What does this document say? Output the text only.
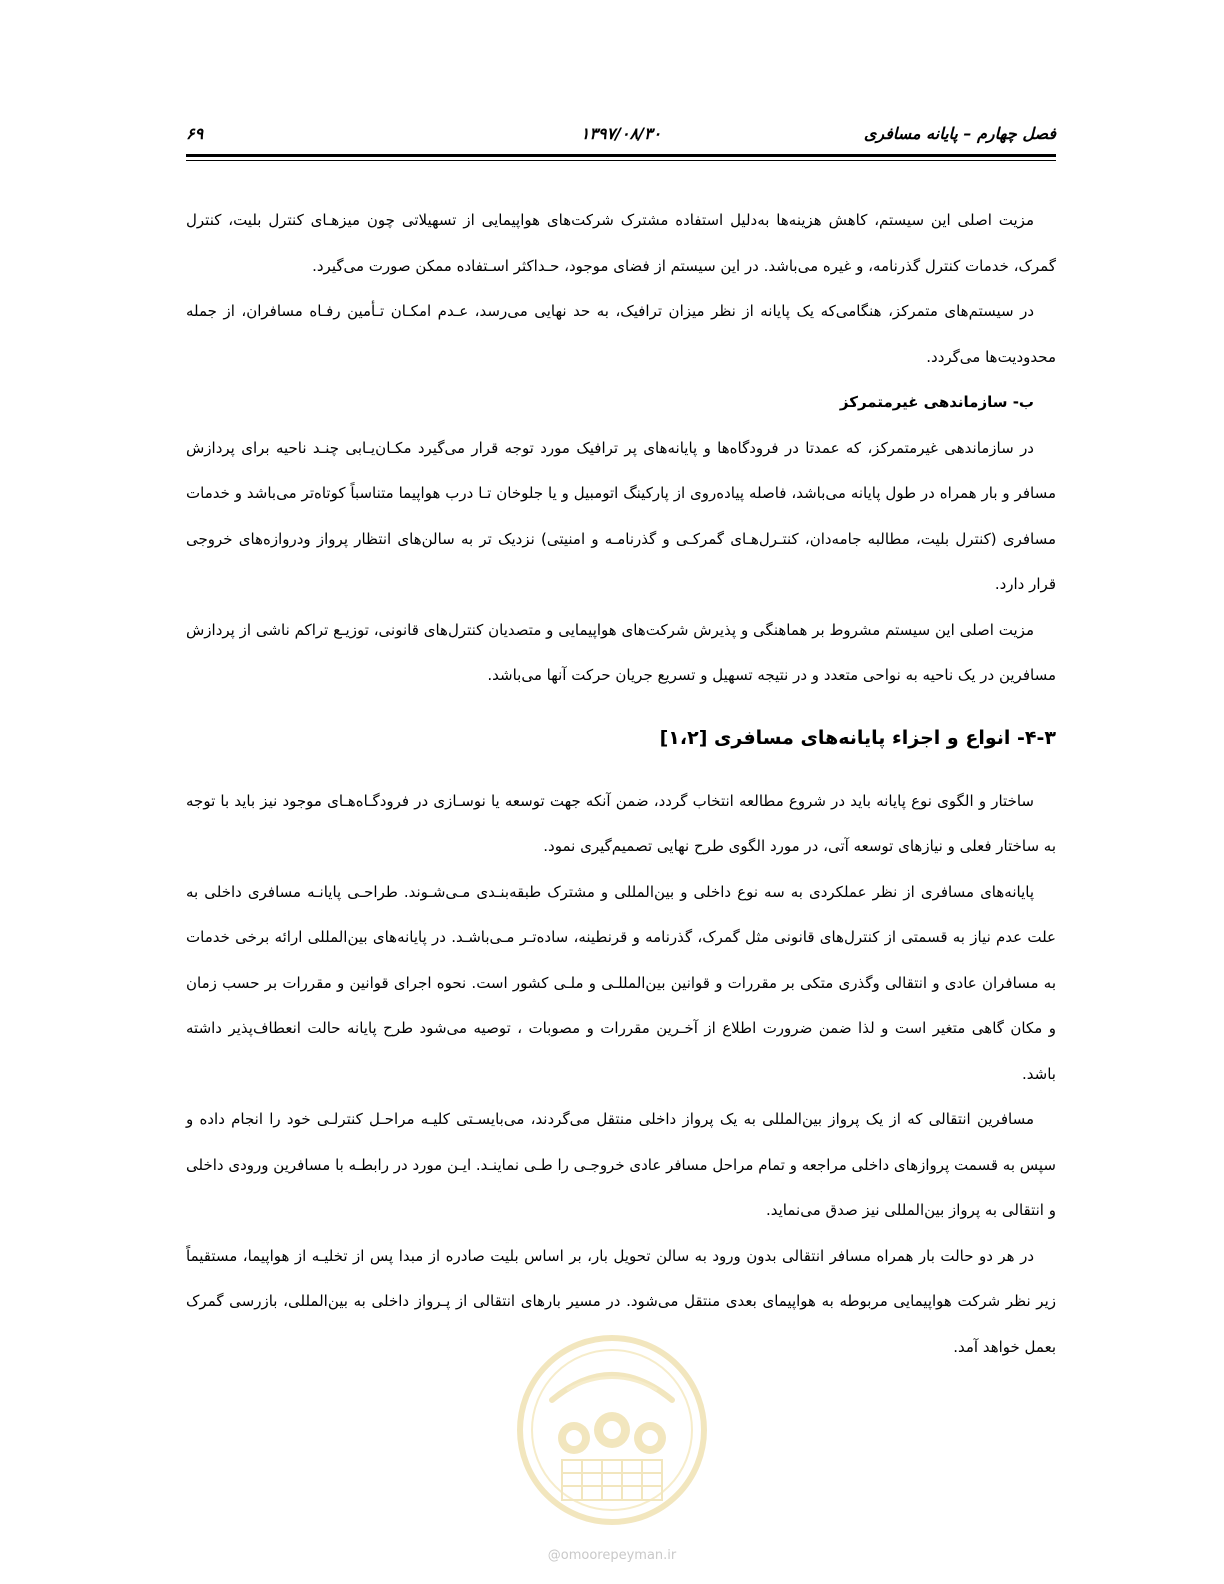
فصل چهارم – پایانه مسافری
۱۳۹۷/۰۸/۳۰
۶۹

مزیت اصلی این سیستم، کاهش هزینه‌ها به‌دلیل استفاده مشترک شرکت‌های هواپیمایی از تسهیلاتی چون میزهـای کنترل بلیت، کنترل گمرک، خدمات کنترل گذرنامه، و غیره می‌باشد. در این سیستم از فضای موجود، حـداکثر اسـتفاده ممکن صورت می‌گیرد.

در سیستم‌های متمرکز، هنگامی‌که یک پایانه از نظر میزان ترافیک، به حد نهایی می‌رسد، عـدم امکـان تـأمین رفـاه مسافران، از جمله محدودیت‌ها می‌گردد.

ب- سازماندهی غیرمتمرکز

در سازماندهی غیرمتمرکز، که عمدتا در فرودگاه‌ها و پایانه‌های پر ترافیک مورد توجه قرار می‌گیرد مکـان‌یـابی چنـد ناحیه برای پردازش مسافر و بار همراه در طول پایانه می‌باشد، فاصله پیاده‌روی از پارکینگ اتومبیل و یا جلوخان تـا درب هواپیما متناسباً کوتاه‌تر می‌باشد و خدمات مسافری (کنترل بلیت، مطالبه جامه‌دان، کنتـرل‌هـای گمرکـی و گذرنامـه و امنیتی) نزدیک تر به سالن‌های انتظار پرواز ودروازه‌های خروجی قرار دارد.

مزیت اصلی این سیستم مشروط بر هماهنگی و پذیرش شرکت‌های هواپیمایی و متصدیان کنترل‌های قانونی، توزیـع تراکم ناشی از پردازش مسافرین در یک ناحیه به نواحی متعدد و در نتیجه تسهیل و تسریع جریان حرکت آنها می‌باشد.

۴-۳- انواع و اجزاء پایانه‌های مسافری [۱،۲]

ساختار و الگوی نوع پایانه باید در شروع مطالعه انتخاب گردد، ضمن آنکه جهت توسعه یا نوسـازی در فرودگـاه‌هـای موجود نیز باید با توجه به ساختار فعلی و نیازهای توسعه آتی، در مورد الگوی طرح نهایی تصمیم‌گیری نمود.

پایانه‌های مسافری از نظر عملکردی به سه نوع داخلی و بین‌المللی و مشترک طبقه‌بنـدی مـی‌شـوند. طراحـی پایانـه مسافری داخلی به علت عدم نیاز به قسمتی از کنترل‌های قانونی مثل گمرک، گذرنامه و قرنطینه، ساده‌تـر مـی‌باشـد. در پایانه‌های بین‌المللی ارائه برخی خدمات به مسافران عادی و انتقالی وگذری متکی بر مقررات و قوانین بین‌المللـی و ملـی کشور است. نحوه اجرای قوانین و مقررات بر حسب زمان و مکان گاهی متغیر است و لذا ضمن ضرورت اطلاع از آخـرین مقررات و مصوبات ، توصیه می‌شود طرح پایانه حالت انعطاف‌پذیر داشته باشد.

مسافرین انتقالی که از یک پرواز بین‌المللی به یک پرواز داخلی منتقل می‌گردند، می‌بایسـتی کلیـه مراحـل کنترلـی خود را انجام داده و سپس به قسمت پروازهای داخلی مراجعه و تمام مراحل مسافر عادی خروجـی را طـی نماینـد. ایـن مورد در رابطـه با مسافرین ورودی داخلی و انتقالی به پرواز بین‌المللی نیز صدق می‌نماید.

در هر دو حالت بار همراه مسافر انتقالی بدون ورود به سالن تحویل بار، بر اساس بلیت صادره از مبدا پس از تخلیـه از هواپیما، مستقیماً زیر نظر شرکت هواپیمایی مربوطه به هواپیمای بعدی منتقل می‌شود. در مسیر بارهای انتقالی از پـرواز داخلی به بین‌المللی، بازرسی گمرک بعمل خواهد آمد.

@omoorepeyman.ir
